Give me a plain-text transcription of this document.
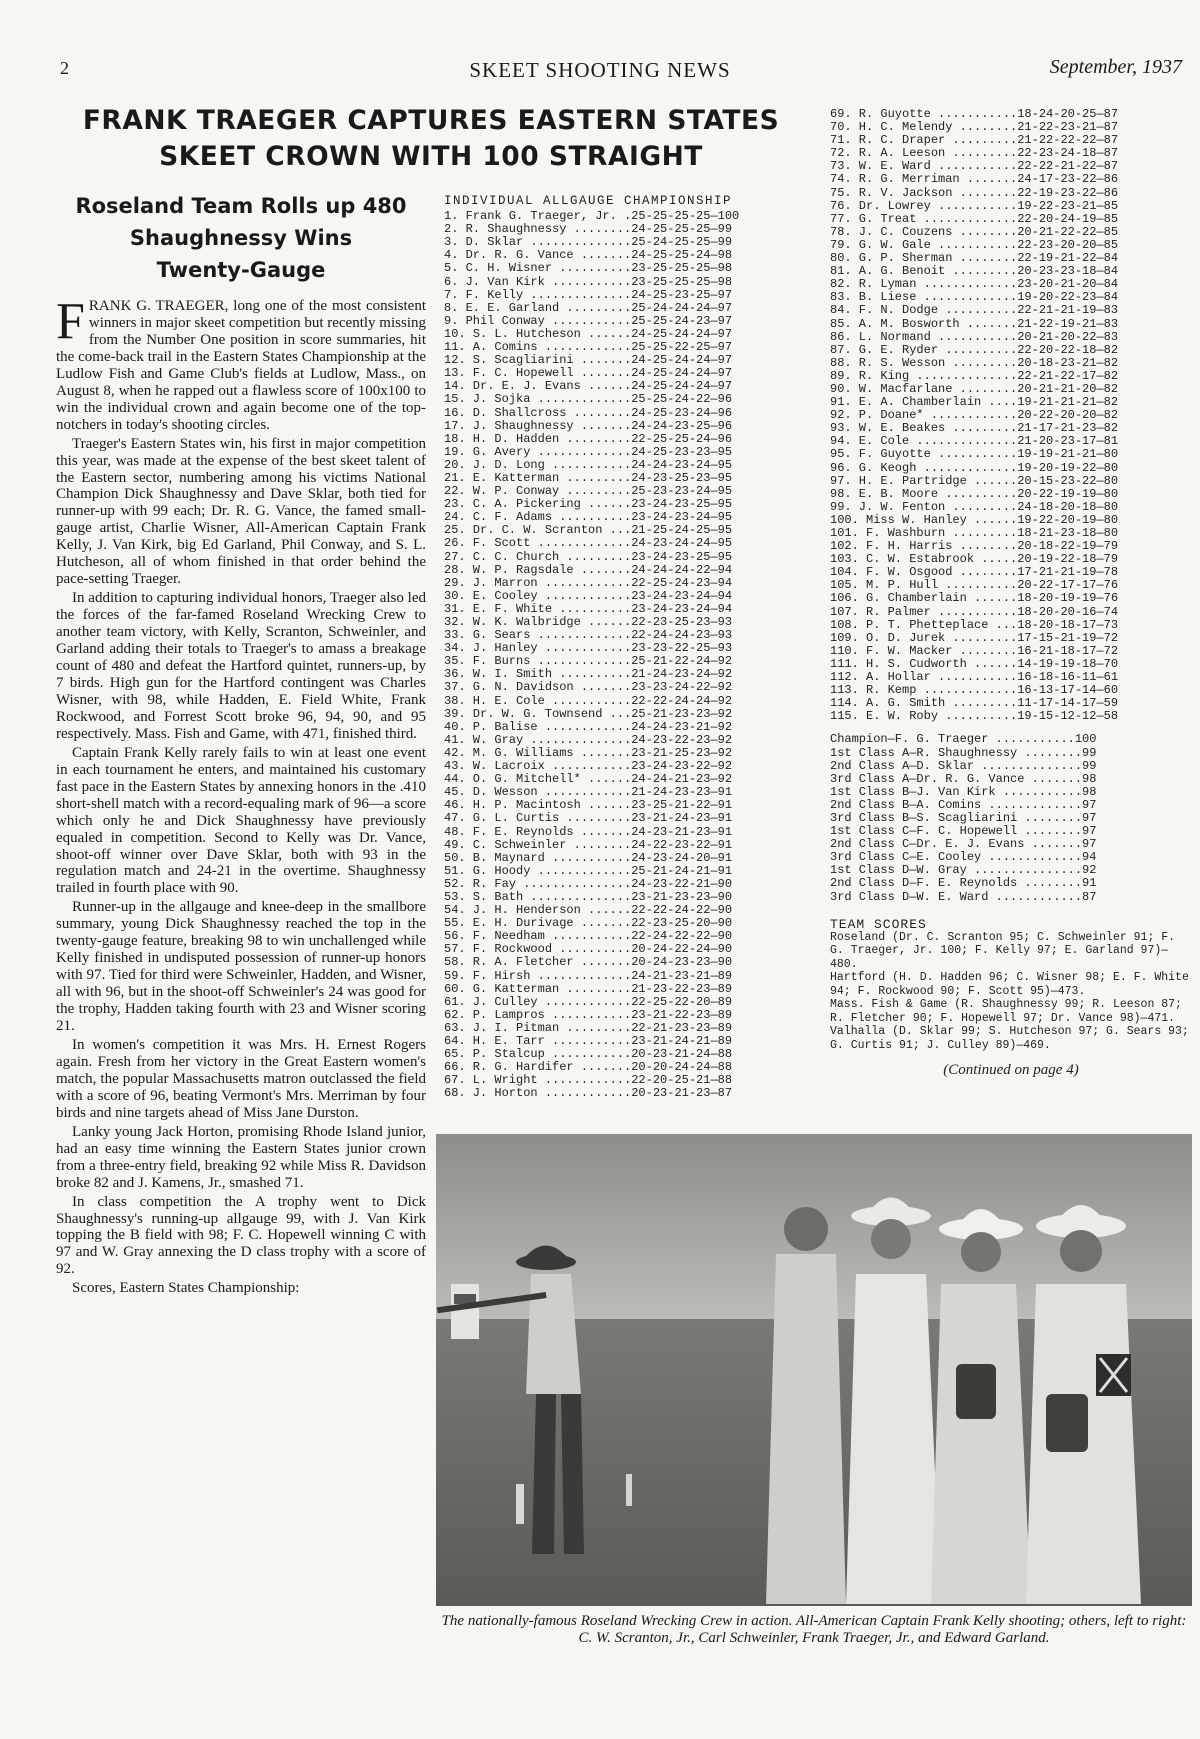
2	SKEET SHOOTING NEWS	September, 1937
FRANK TRAEGER CAPTURES EASTERN STATES
SKEET CROWN WITH 100 STRAIGHT
Roseland Team Rolls up 480
Shaughnessy Wins
Twenty-Gauge

FRANK G. TRAEGER, long one of the most consistent winners in major skeet competition but recently missing from the Number One position in score summaries, hit the come-back trail in the Eastern States Championship at the Ludlow Fish and Game Club's fields at Ludlow, Mass., on August 8, when he rapped out a flawless score of 100x100 to win the individual crown and again become one of the top-notchers in today's shooting circles.

Traeger's Eastern States win, his first in major competition this year, was made at the expense of the best skeet talent of the Eastern sector, numbering among his victims National Champion Dick Shaughnessy and Dave Sklar, both tied for runner-up with 99 each; Dr. R. G. Vance, the famed small-gauge artist, Charlie Wisner, All-American Captain Frank Kelly, J. Van Kirk, big Ed Garland, Phil Conway, and S. L. Hutcheson, all of whom finished in that order behind the pace-setting Traeger.

In addition to capturing individual honors, Traeger also led the forces of the far-famed Roseland Wrecking Crew to another team victory, with Kelly, Scranton, Schweinler, and Garland adding their totals to Traeger's to amass a breakage count of 480 and defeat the Hartford quintet, runners-up, by 7 birds. High gun for the Hartford contingent was Charles Wisner, with 98, while Hadden, E. Field White, Frank Rockwood, and Forrest Scott broke 96, 94, 90, and 95 respectively. Mass. Fish and Game, with 471, finished third.

Captain Frank Kelly rarely fails to win at least one event in each tournament he enters, and maintained his customary fast pace in the Eastern States by annexing honors in the .410 short-shell match with a record-equaling mark of 96—a score which only he and Dick Shaughnessy have previously equaled in competition. Second to Kelly was Dr. Vance, shoot-off winner over Dave Sklar, both with 93 in the regulation match and 24-21 in the overtime. Shaughnessy trailed in fourth place with 90.

Runner-up in the allgauge and knee-deep in the smallbore summary, young Dick Shaughnessy reached the top in the twenty-gauge feature, breaking 98 to win unchallenged while Kelly finished in undisputed possession of runner-up honors with 97. Tied for third were Schweinler, Hadden, and Wisner, all with 96, but in the shoot-off Schweinler's 24 was good for the trophy, Hadden taking fourth with 23 and Wisner scoring 21.

In women's competition it was Mrs. H. Ernest Rogers again. Fresh from her victory in the Great Eastern women's match, the popular Massachusetts matron outclassed the field with a score of 96, beating Vermont's Mrs. Merriman by four birds and nine targets ahead of Miss Jane Durston.

Lanky young Jack Horton, promising Rhode Island junior, had an easy time winning the Eastern States junior crown from a three-entry field, breaking 92 while Miss R. Davidson broke 82 and J. Kamens, Jr., smashed 71.

In class competition the A trophy went to Dick Shaughnessy's running-up allgauge 99, with J. Van Kirk topping the B field with 98; F. C. Hopewell winning C with 97 and W. Gray annexing the D class trophy with a score of 92.

Scores, Eastern States Championship:

INDIVIDUAL ALLGAUGE CHAMPIONSHIP
1. Frank G. Traeger, Jr. .25-25-25-25—100
2. R. Shaughnessy ........24-25-25-25—99
3. D. Sklar ..............25-24-25-25—99
4. Dr. R. G. Vance .......24-25-25-24—98
5. C. H. Wisner ..........23-25-25-25—98
6. J. Van Kirk ...........23-25-25-25—98
7. F. Kelly ..............24-25-23-25—97
8. E. E. Garland .........25-24-24-24—97
9. Phil Conway ...........25-25-24-23—97
10. S. L. Hutcheson ......24-25-24-24—97
11. A. Comins ............25-25-22-25—97
12. S. Scagliarini .......24-25-24-24—97
13. F. C. Hopewell .......24-25-24-24—97
14. Dr. E. J. Evans ......24-25-24-24—97
15. J. Sojka .............25-25-24-22—96
16. D. Shallcross ........24-25-23-24—96
17. J. Shaughnessy .......24-24-23-25—96
18. H. D. Hadden .........22-25-25-24—96
19. G. Avery .............24-25-23-23—95
20. J. D. Long ...........24-24-23-24—95
21. E. Katterman .........24-23-25-23—95
22. W. P. Conway .........25-23-23-24—95
23. C. A. Pickering ......23-24-23-25—95
24. C. F. Adams ..........23-24-23-24—95
25. Dr. C. W. Scranton ...21-25-24-25—95
26. F. Scott .............24-23-24-24—95
27. C. C. Church .........23-24-23-25—95
28. W. P. Ragsdale .......24-24-24-22—94
29. J. Marron ............22-25-24-23—94
30. E. Cooley ............23-24-23-24—94
31. E. F. White ..........23-24-23-24—94
32. W. K. Walbridge ......22-23-25-23—93
33. G. Sears .............22-24-24-23—93
34. J. Hanley ............23-23-22-25—93
35. F. Burns .............25-21-22-24—92
36. W. I. Smith ..........21-24-23-24—92
37. G. N. Davidson .......23-23-24-22—92
38. H. E. Cole ...........22-22-24-24—92
39. Dr. W. G. Townsend ...25-21-23-23—92
40. P. Balise ............24-24-23-21—92
41. W. Gray ..............24-23-22-23—92
42. M. G. Williams .......23-21-25-23—92
43. W. Lacroix ...........23-24-23-22—92
44. O. G. Mitchell* ......24-24-21-23—92
45. D. Wesson ............21-24-23-23—91
46. H. P. Macintosh ......23-25-21-22—91
47. G. L. Curtis .........23-21-24-23—91
48. F. E. Reynolds .......24-23-21-23—91
49. C. Schweinler ........24-22-23-22—91
50. B. Maynard ...........24-23-24-20—91
51. G. Hoody .............25-21-24-21—91
52. R. Fay ...............24-23-22-21—90
53. S. Bath ..............23-21-23-23—90
54. J. H. Henderson ......22-22-24-22—90
55. E. H. Durivage .......22-23-25-20—90
56. F. Needham ...........22-24-22-22—90
57. F. Rockwood ..........20-24-22-24—90
58. R. A. Fletcher .......20-24-23-23—90
59. F. Hirsh .............24-21-23-21—89
60. G. Katterman .........21-23-22-23—89
61. J. Culley ............22-25-22-20—89
62. P. Lampros ...........23-21-22-23—89
63. J. I. Pitman .........22-21-23-23—89
64. H. E. Tarr ...........23-21-24-21—89
65. P. Stalcup ...........20-23-21-24—88
66. R. G. Hardifer .......20-20-24-24—88
67. L. Wright ............22-20-25-21—88
68. J. Horton ............20-23-21-23—87
69. R. Guyotte ...........18-24-20-25—87
70. H. C. Melendy ........21-22-23-21—87
71. R. C. Draper .........21-22-22-22—87
72. R. A. Leeson .........22-23-24-18—87
73. W. E. Ward ...........22-22-21-22—87
74. R. G. Merriman .......24-17-23-22—86
75. R. V. Jackson ........22-19-23-22—86
76. Dr. Lowrey ...........19-22-23-21—85
77. G. Treat .............22-20-24-19—85
78. J. C. Couzens ........20-21-22-22—85
79. G. W. Gale ...........22-23-20-20—85
80. G. P. Sherman ........22-19-21-22—84
81. A. G. Benoit .........20-23-23-18—84
82. R. Lyman .............23-20-21-20—84
83. B. Liese .............19-20-22-23—84
84. F. N. Dodge ..........22-21-21-19—83
85. A. M. Bosworth .......21-22-19-21—83
86. L. Normand ...........20-21-20-22—83
87. G. E. Ryder ..........22-20-22-18—82
88. R. S. Wesson .........20-18-23-21—82
89. R. King ..............22-21-22-17—82
90. W. Macfarlane ........20-21-21-20—82
91. E. A. Chamberlain ....19-21-21-21—82
92. P. Doane* ............20-22-20-20—82
93. W. E. Beakes .........21-17-21-23—82
94. E. Cole ..............21-20-23-17—81
95. F. Guyotte ...........19-19-21-21—80
96. G. Keogh .............19-20-19-22—80
97. H. E. Partridge ......20-15-23-22—80
98. E. B. Moore ..........20-22-19-19—80
99. J. W. Fenton .........24-18-20-18—80
100. Miss W. Hanley ......19-22-20-19—80
101. F. Washburn .........18-21-23-18—80
102. F. H. Harris ........20-18-22-19—79
103. C. W. Estabrook .....20-19-22-18—79
104. F. W. Osgood ........17-21-21-19—78
105. M. P. Hull ..........20-22-17-17—76
106. G. Chamberlain ......18-20-19-19—76
107. R. Palmer ...........18-20-20-16—74
108. P. T. Phetteplace ...18-20-18-17—73
109. O. D. Jurek .........17-15-21-19—72
110. F. W. Macker ........16-21-18-17—72
111. H. S. Cudworth ......14-19-19-18—70
112. A. Hollar ...........16-18-16-11—61
113. R. Kemp .............16-13-17-14—60
114. A. G. Smith .........11-17-14-17—59
115. E. W. Roby ..........19-15-12-12—58
Champion—F. G. Traeger ...........100
1st Class A—R. Shaughnessy ........99
2nd Class A—D. Sklar ..............99
3rd Class A—Dr. R. G. Vance .......98
1st Class B—J. Van Kirk ...........98
2nd Class B—A. Comins .............97
3rd Class B—S. Scagliarini ........97
1st Class C—F. C. Hopewell ........97
2nd Class C—Dr. E. J. Evans .......97
3rd Class C—E. Cooley .............94
1st Class D—W. Gray ...............92
2nd Class D—F. E. Reynolds ........91
3rd Class D—W. E. Ward ............87
TEAM SCORES
Roseland (Dr. C. Scranton 95; C. Schweinler 91; F. G. Traeger, Jr. 100; F. Kelly 97; E. Garland 97)—480.
Hartford (H. D. Hadden 96; C. Wisner 98; E. F. White 94; F. Rockwood 90; F. Scott 95)—473.
Mass. Fish & Game (R. Shaughnessy 99; R. Leeson 87; R. Fletcher 90; F. Hopewell 97; Dr. Vance 98)—471.
Valhalla (D. Sklar 99; S. Hutcheson 97; G. Sears 93; G. Curtis 91; J. Culley 89)—469.
(Continued on page 4)
The nationally-famous Roseland Wrecking Crew in action. All-American Captain Frank Kelly shooting; others, left to right: C. W. Scranton, Jr., Carl Schweinler, Frank Traeger, Jr., and Edward Garland.
